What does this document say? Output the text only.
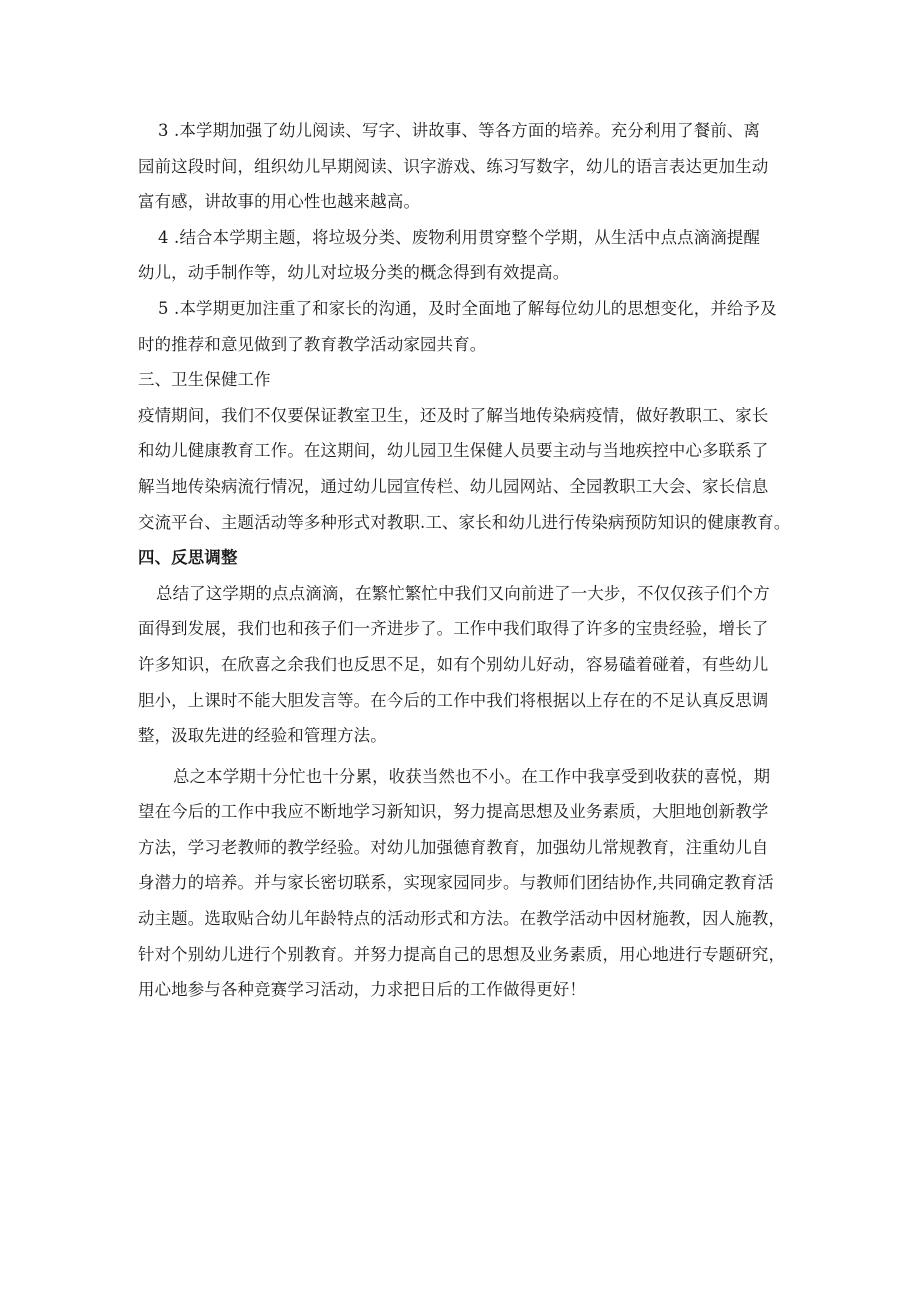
3 .本学期加强了幼儿阅读、写字、讲故事、等各方面的培养。充分利用了餐前、离
园前这段时间，组织幼儿早期阅读、识字游戏、练习写数字，幼儿的语言表达更加生动
富有感，讲故事的用心性也越来越高。
4 .结合本学期主题，将垃圾分类、废物利用贯穿整个学期，从生活中点点滴滴提醒
幼儿，动手制作等，幼儿对垃圾分类的概念得到有效提高。
5 .本学期更加注重了和家长的沟通，及时全面地了解每位幼儿的思想变化，并给予及
时的推荐和意见做到了教育教学活动家园共育。
三、卫生保健工作
疫情期间，我们不仅要保证教室卫生，还及时了解当地传染病疫情，做好教职工、家长
和幼儿健康教育工作。在这期间，幼儿园卫生保健人员要主动与当地疾控中心多联系了
解当地传染病流行情况，通过幼儿园宣传栏、幼儿园网站、全园教职工大会、家长信息
交流平台、主题活动等多种形式对教职.工、家长和幼儿进行传染病预防知识的健康教育。
四、反思调整
总结了这学期的点点滴滴，在繁忙繁忙中我们又向前进了一大步，不仅仅孩子们个方
面得到发展，我们也和孩子们一齐进步了。工作中我们取得了许多的宝贵经验，增长了
许多知识，在欣喜之余我们也反思不足，如有个别幼儿好动，容易磕着碰着，有些幼儿
胆小，上课时不能大胆发言等。在今后的工作中我们将根据以上存在的不足认真反思调
整，汲取先进的经验和管理方法。
总之本学期十分忙也十分累，收获当然也不小。在工作中我享受到收获的喜悦，期
望在今后的工作中我应不断地学习新知识，努力提高思想及业务素质，大胆地创新教学
方法，学习老教师的教学经验。对幼儿加强德育教育，加强幼儿常规教育，注重幼儿自
身潜力的培养。并与家长密切联系，实现家园同步。与教师们团结协作,共同确定教育活
动主题。选取贴合幼儿年龄特点的活动形式和方法。在教学活动中因材施教，因人施教，
针对个别幼儿进行个别教育。并努力提高自己的思想及业务素质，用心地进行专题研究，
用心地参与各种竞赛学习活动，力求把日后的工作做得更好！
